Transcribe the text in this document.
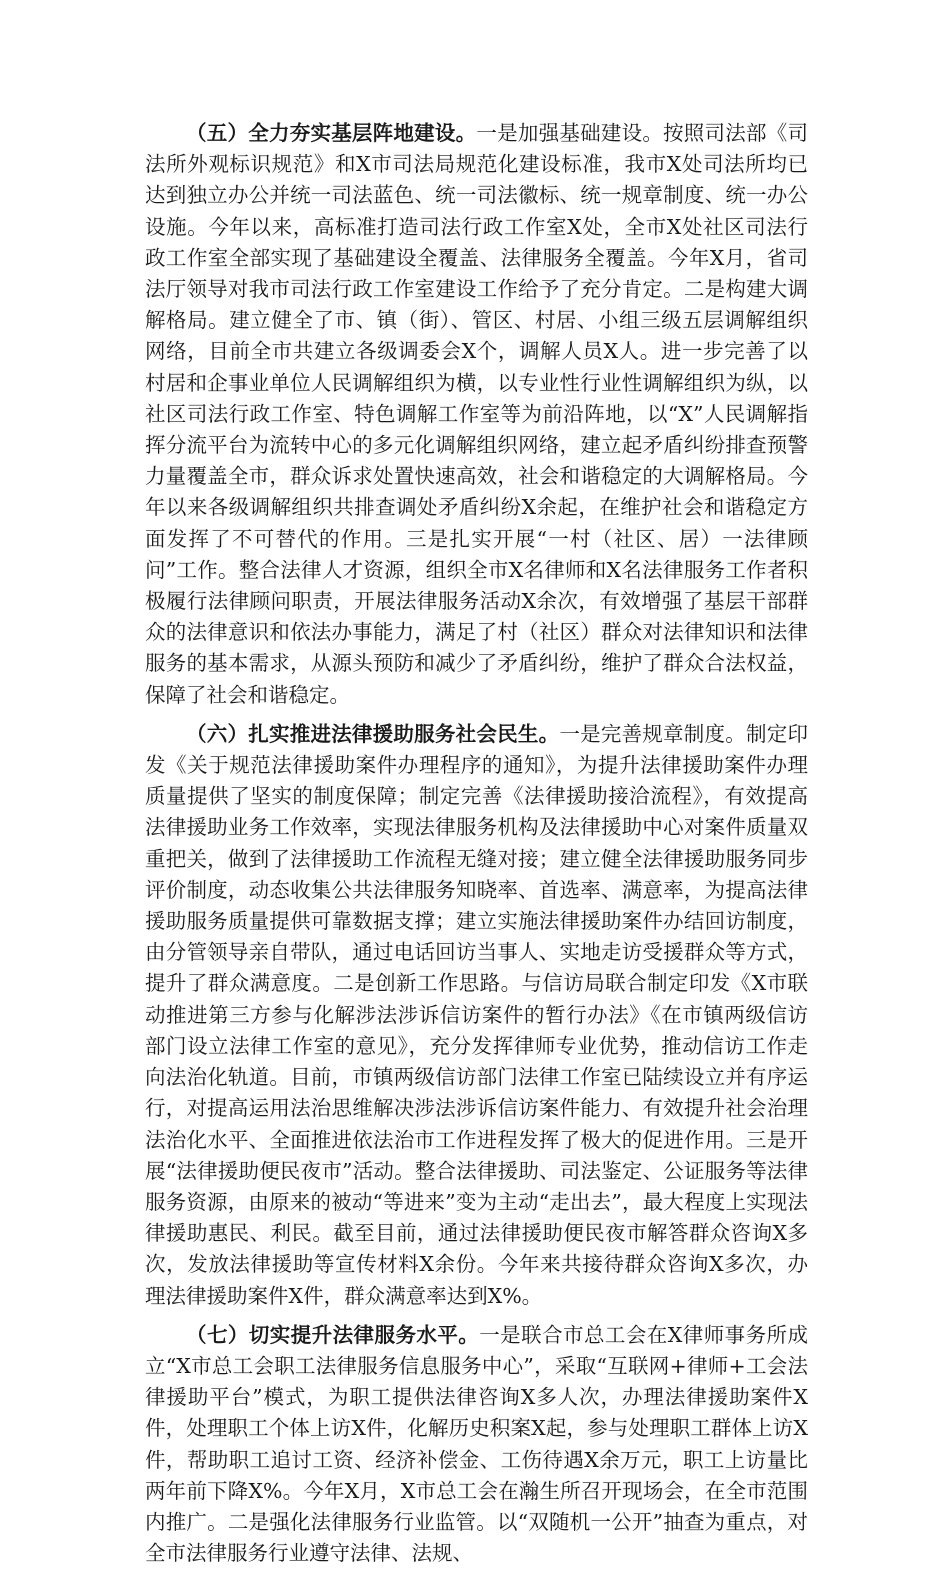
（五）全力夯实基层阵地建设。一是加强基础建设。按照司法部《司法所外观标识规范》和X市司法局规范化建设标准，我市X处司法所均已达到独立办公并统一司法蓝色、统一司法徽标、统一规章制度、统一办公设施。今年以来，高标准打造司法行政工作室X处，全市X处社区司法行政工作室全部实现了基础建设全覆盖、法律服务全覆盖。今年X月，省司法厅领导对我市司法行政工作室建设工作给予了充分肯定。二是构建大调解格局。建立健全了市、镇（街）、管区、村居、小组三级五层调解组织网络，目前全市共建立各级调委会X个，调解人员X人。进一步完善了以村居和企事业单位人民调解组织为横，以专业性行业性调解组织为纵，以社区司法行政工作室、特色调解工作室等为前沿阵地，以“X”人民调解指挥分流平台为流转中心的多元化调解组织网络，建立起矛盾纠纷排查预警力量覆盖全市，群众诉求处置快速高效，社会和谐稳定的大调解格局。今年以来各级调解组织共排查调处矛盾纠纷X余起，在维护社会和谐稳定方面发挥了不可替代的作用。三是扎实开展“一村（社区、居）一法律顾问”工作。整合法律人才资源，组织全市X名律师和X名法律服务工作者积极履行法律顾问职责，开展法律服务活动X余次，有效增强了基层干部群众的法律意识和依法办事能力，满足了村（社区）群众对法律知识和法律服务的基本需求，从源头预防和减少了矛盾纠纷，维护了群众合法权益，保障了社会和谐稳定。

（六）扎实推进法律援助服务社会民生。一是完善规章制度。制定印发《关于规范法律援助案件办理程序的通知》，为提升法律援助案件办理质量提供了坚实的制度保障；制定完善《法律援助接洽流程》，有效提高法律援助业务工作效率，实现法律服务机构及法律援助中心对案件质量双重把关，做到了法律援助工作流程无缝对接；建立健全法律援助服务同步评价制度，动态收集公共法律服务知晓率、首选率、满意率，为提高法律援助服务质量提供可靠数据支撑；建立实施法律援助案件办结回访制度，由分管领导亲自带队，通过电话回访当事人、实地走访受援群众等方式，提升了群众满意度。二是创新工作思路。与信访局联合制定印发《X市联动推进第三方参与化解涉法涉诉信访案件的暂行办法》《在市镇两级信访部门设立法律工作室的意见》，充分发挥律师专业优势，推动信访工作走向法治化轨道。目前，市镇两级信访部门法律工作室已陆续设立并有序运行，对提高运用法治思维解决涉法涉诉信访案件能力、有效提升社会治理法治化水平、全面推进依法治市工作进程发挥了极大的促进作用。三是开展“法律援助便民夜市”活动。整合法律援助、司法鉴定、公证服务等法律服务资源，由原来的被动“等进来”变为主动“走出去”，最大程度上实现法律援助惠民、利民。截至目前，通过法律援助便民夜市解答群众咨询X多次，发放法律援助等宣传材料X余份。今年来共接待群众咨询X多次，办理法律援助案件X件，群众满意率达到X%。

（七）切实提升法律服务水平。一是联合市总工会在X律师事务所成立“X市总工会职工法律服务信息服务中心”，采取“互联网+律师+工会法律援助平台”模式，为职工提供法律咨询X多人次，办理法律援助案件X件，处理职工个体上访X件，化解历史积案X起，参与处理职工群体上访X件，帮助职工追讨工资、经济补偿金、工伤待遇X余万元，职工上访量比两年前下降X%。今年X月，X市总工会在瀚生所召开现场会，在全市范围内推广。二是强化法律服务行业监管。以“双随机一公开”抽查为重点，对全市法律服务行业遵守法律、法规、
